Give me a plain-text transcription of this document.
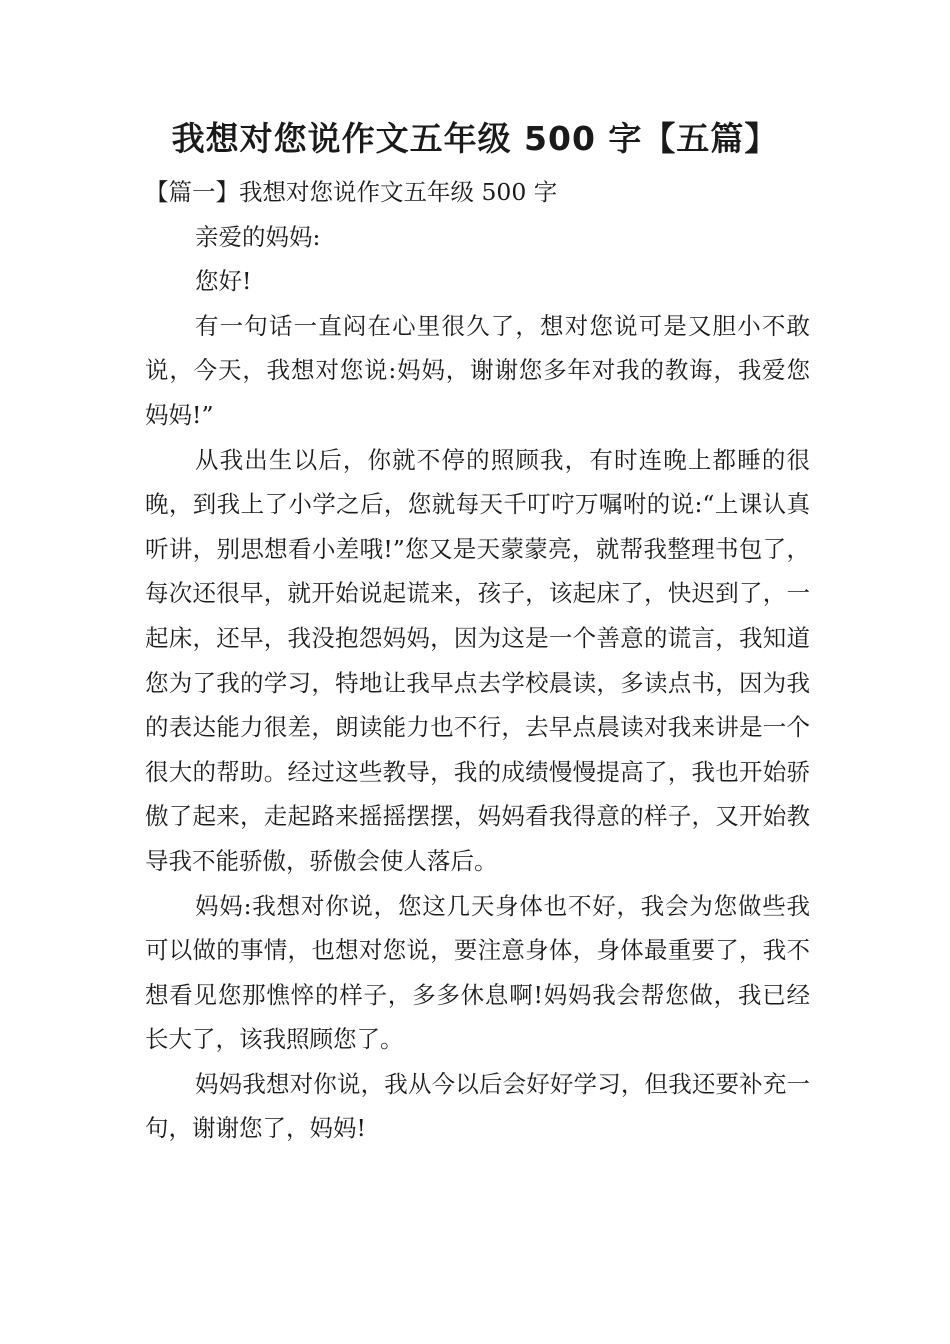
我想对您说作文五年级 500 字【五篇】
【篇一】我想对您说作文五年级 500 字

亲爱的妈妈:

您好!

有一句话一直闷在心里很久了，想对您说可是又胆小不敢说，今天，我想对您说:妈妈，谢谢您多年对我的教诲，我爱您妈妈!”

从我出生以后，你就不停的照顾我，有时连晚上都睡的很晚，到我上了小学之后，您就每天千叮咛万嘱咐的说:“上课认真听讲，别思想看小差哦!”您又是天蒙蒙亮，就帮我整理书包了，每次还很早，就开始说起谎来，孩子，该起床了，快迟到了，一起床，还早，我没抱怨妈妈，因为这是一个善意的谎言，我知道您为了我的学习，特地让我早点去学校晨读，多读点书，因为我的表达能力很差，朗读能力也不行，去早点晨读对我来讲是一个很大的帮助。经过这些教导，我的成绩慢慢提高了，我也开始骄傲了起来，走起路来摇摇摆摆，妈妈看我得意的样子，又开始教导我不能骄傲，骄傲会使人落后。

妈妈:我想对你说，您这几天身体也不好，我会为您做些我可以做的事情，也想对您说，要注意身体，身体最重要了，我不想看见您那憔悴的样子，多多休息啊!妈妈我会帮您做，我已经长大了，该我照顾您了。

妈妈我想对你说，我从今以后会好好学习，但我还要补充一句，谢谢您了，妈妈!
